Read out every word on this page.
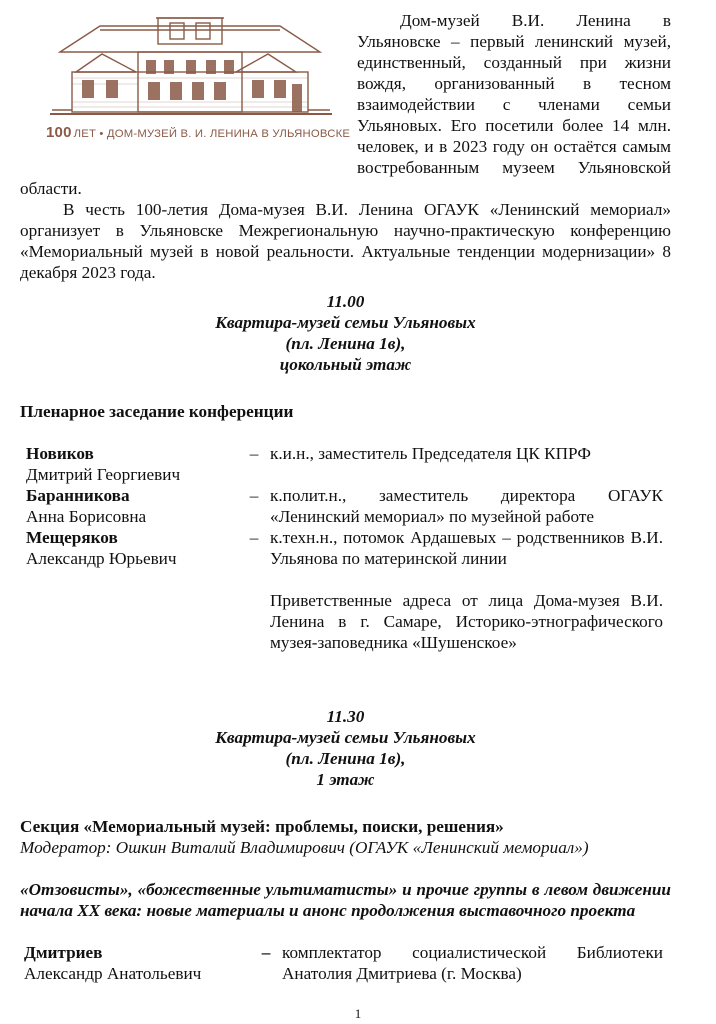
100 ЛЕТ • ДОМ-МУЗЕЙ В. И. ЛЕНИНА В УЛЬЯНОВСКЕ

Дом-музей В.И. Ленина в Ульяновске – первый ленинский музей, единственный, созданный при жизни вождя, организованный в тесном взаимодействии с членами семьи Ульяновых. Его посетили более 14 млн. человек, и в 2023 году он остаётся самым востребованным музеем Ульяновской области.

В честь 100-летия Дома-музея В.И. Ленина ОГАУК «Ленинский мемориал» организует в Ульяновске Межрегиональную научно-практическую конференцию «Мемориальный музей в новой реальности. Актуальные тенденции модернизации» 8 декабря 2023 года.

11.00
Квартира-музей семьи Ульяновых
(пл. Ленина 1в),
цокольный этаж
Пленарное заседание конференции
Новиков
Дмитрий Георгиевич	–	к.и.н., заместитель Председателя ЦК КПРФ
Баранникова
Анна Борисовна	–	к.полит.н., заместитель директора ОГАУК «Ленинский мемориал» по музейной работе
Мещеряков
Александр Юрьевич	–	к.техн.н., потомок Ардашевых – родственников В.И. Ульянова по материнской линии
		Приветственные адреса от лица Дома-музея В.И. Ленина в г. Самаре, Историко-этнографического музея-заповедника «Шушенское»
11.30
Квартира-музей семьи Ульяновых
(пл. Ленина 1в),
1 этаж
Секция «Мемориальный музей: проблемы, поиски, решения»
Модератор: Ошкин Виталий Владимирович (ОГАУК «Ленинский мемориал»)
«Отзовисты», «божественные ультиматисты» и прочие группы в левом движении начала XX века: новые материалы и анонс продолжения выставочного проекта
Дмитриев
Александр Анатольевич	–	комплектатор социалистической Библиотеки Анатолия Дмитриева (г. Москва)
1
